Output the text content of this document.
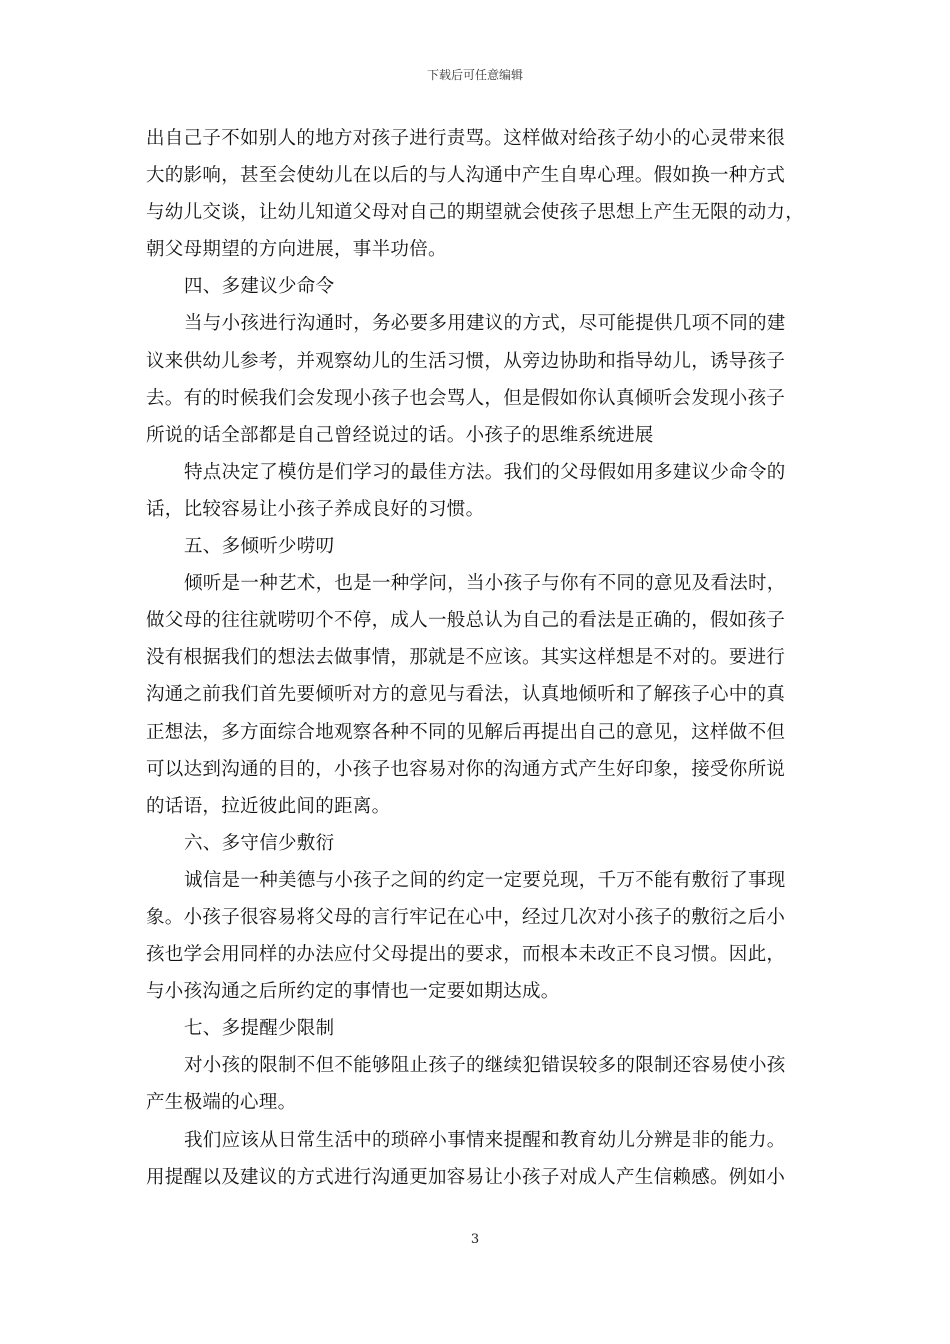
下载后可任意编辑
出自己子不如别人的地方对孩子进行责骂。这样做对给孩子幼小的心灵带来很
大的影响，甚至会使幼儿在以后的与人沟通中产生自卑心理。假如换一种方式
与幼儿交谈，让幼儿知道父母对自己的期望就会使孩子思想上产生无限的动力，
朝父母期望的方向进展，事半功倍。
四、多建议少命令
当与小孩进行沟通时，务必要多用建议的方式，尽可能提供几项不同的建
议来供幼儿参考，并观察幼儿的生活习惯，从旁边协助和指导幼儿，诱导孩子
去。有的时候我们会发现小孩子也会骂人，但是假如你认真倾听会发现小孩子
所说的话全部都是自己曾经说过的话。小孩子的思维系统进展
特点决定了模仿是们学习的最佳方法。我们的父母假如用多建议少命令的
话，比较容易让小孩子养成良好的习惯。
五、多倾听少唠叨
倾听是一种艺术，也是一种学问，当小孩子与你有不同的意见及看法时，
做父母的往往就唠叨个不停，成人一般总认为自己的看法是正确的，假如孩子
没有根据我们的想法去做事情，那就是不应该。其实这样想是不对的。要进行
沟通之前我们首先要倾听对方的意见与看法，认真地倾听和了解孩子心中的真
正想法，多方面综合地观察各种不同的见解后再提出自己的意见，这样做不但
可以达到沟通的目的，小孩子也容易对你的沟通方式产生好印象，接受你所说
的话语，拉近彼此间的距离。
六、多守信少敷衍
诚信是一种美德与小孩子之间的约定一定要兑现，千万不能有敷衍了事现
象。小孩子很容易将父母的言行牢记在心中，经过几次对小孩子的敷衍之后小
孩也学会用同样的办法应付父母提出的要求，而根本未改正不良习惯。因此，
与小孩沟通之后所约定的事情也一定要如期达成。
七、多提醒少限制
对小孩的限制不但不能够阻止孩子的继续犯错误较多的限制还容易使小孩
产生极端的心理。
我们应该从日常生活中的琐碎小事情来提醒和教育幼儿分辨是非的能力。
用提醒以及建议的方式进行沟通更加容易让小孩子对成人产生信赖感。例如小
3
